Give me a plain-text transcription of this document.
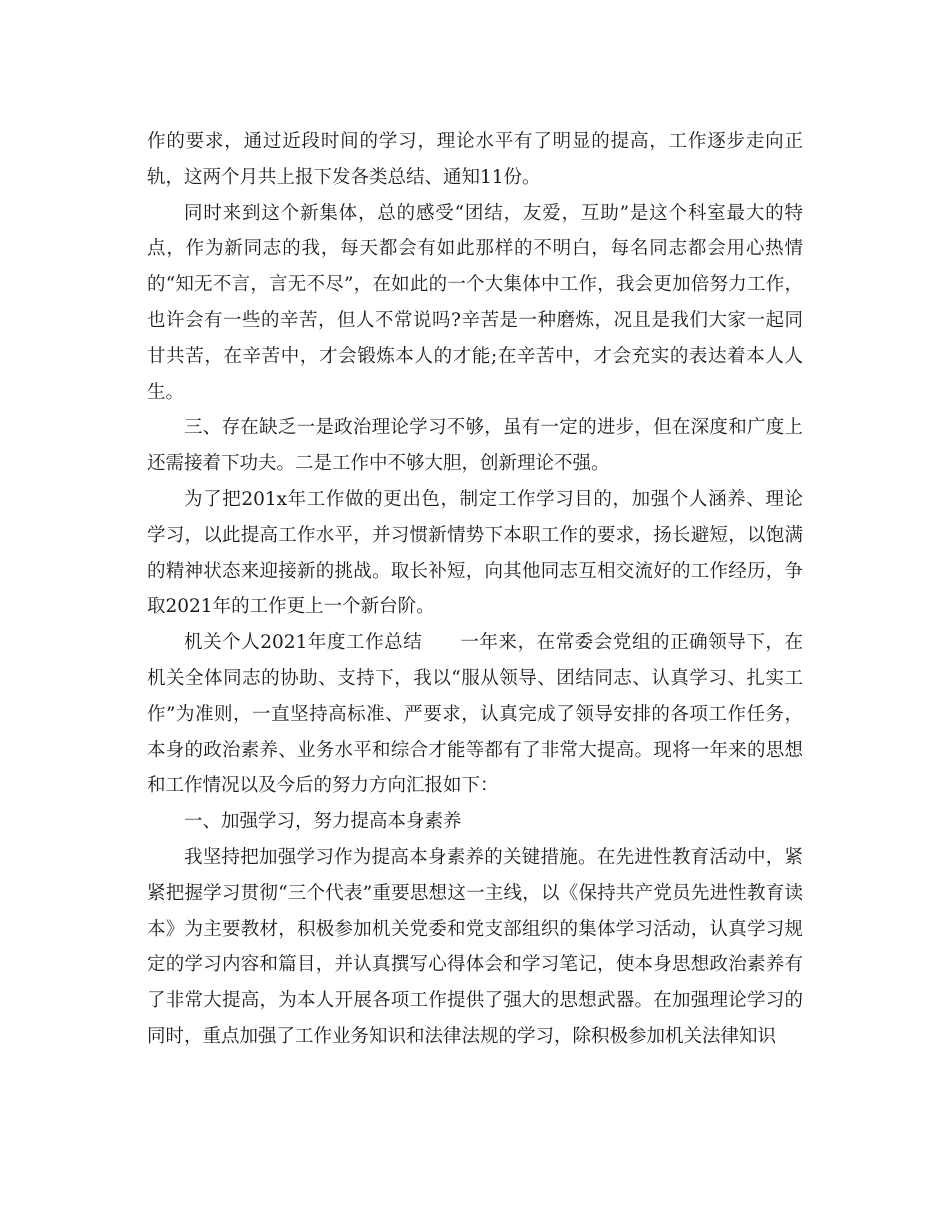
作的要求，通过近段时间的学习，理论水平有了明显的提高，工作逐步走向正轨，这两个月共上报下发各类总结、通知11份。

同时来到这个新集体，总的感受“团结，友爱，互助”是这个科室最大的特点，作为新同志的我，每天都会有如此那样的不明白，每名同志都会用心热情的“知无不言，言无不尽”，在如此的一个大集体中工作，我会更加倍努力工作，也许会有一些的辛苦，但人不常说吗?辛苦是一种磨炼，况且是我们大家一起同甘共苦，在辛苦中，才会锻炼本人的才能;在辛苦中，才会充实的表达着本人人生。

三、存在缺乏一是政治理论学习不够，虽有一定的进步，但在深度和广度上还需接着下功夫。二是工作中不够大胆，创新理论不强。

为了把201x年工作做的更出色，制定工作学习目的，加强个人涵养、理论学习，以此提高工作水平，并习惯新情势下本职工作的要求，扬长避短，以饱满的精神状态来迎接新的挑战。取长补短，向其他同志互相交流好的工作经历，争取2021年的工作更上一个新台阶。

机关个人2021年度工作总结　　一年来，在常委会党组的正确领导下，在机关全体同志的协助、支持下，我以“服从领导、团结同志、认真学习、扎实工作”为准则，一直坚持高标准、严要求，认真完成了领导安排的各项工作任务，本身的政治素养、业务水平和综合才能等都有了非常大提高。现将一年来的思想和工作情况以及今后的努力方向汇报如下：

一、加强学习，努力提高本身素养

我坚持把加强学习作为提高本身素养的关键措施。在先进性教育活动中，紧紧把握学习贯彻“三个代表”重要思想这一主线，以《保持共产党员先进性教育读本》为主要教材，积极参加机关党委和党支部组织的集体学习活动，认真学习规定的学习内容和篇目，并认真撰写心得体会和学习笔记，使本身思想政治素养有了非常大提高，为本人开展各项工作提供了强大的思想武器。在加强理论学习的同时，重点加强了工作业务知识和法律法规的学习，除积极参加机关法律知识
